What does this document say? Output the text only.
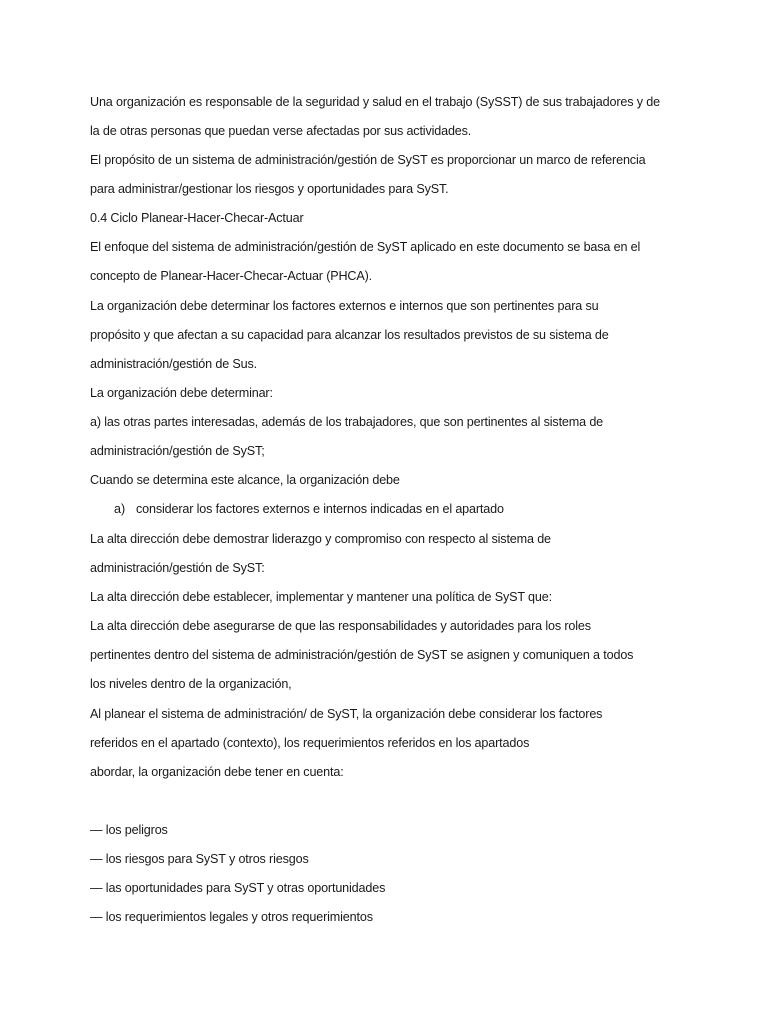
Una organización es responsable de la seguridad y salud en el trabajo (SySST) de sus trabajadores y de
la de otras personas que puedan verse afectadas por sus actividades.
El propósito de un sistema de administración/gestión de SyST es proporcionar un marco de referencia
para administrar/gestionar los riesgos y oportunidades para SyST.
0.4 Ciclo Planear-Hacer-Checar-Actuar
El enfoque del sistema de administración/gestión de SyST aplicado en este documento se basa en el
concepto de Planear-Hacer-Checar-Actuar (PHCA).
La organización debe determinar los factores externos e internos que son pertinentes para su
propósito y que afectan a su capacidad para alcanzar los resultados previstos de su sistema de
administración/gestión de Sus.
La organización debe determinar:
a) las otras partes interesadas, además de los trabajadores, que son pertinentes al sistema de
administración/gestión de SyST;
Cuando se determina este alcance, la organización debe
a) considerar los factores externos e internos indicadas en el apartado
La alta dirección debe demostrar liderazgo y compromiso con respecto al sistema de
administración/gestión de SyST:
La alta dirección debe establecer, implementar y mantener una política de SyST que:
La alta dirección debe asegurarse de que las responsabilidades y autoridades para los roles
pertinentes dentro del sistema de administración/gestión de SyST se asignen y comuniquen a todos
los niveles dentro de la organización,
Al planear el sistema de administración/ de SyST, la organización debe considerar los factores
referidos en el apartado (contexto), los requerimientos referidos en los apartados
abordar, la organización debe tener en cuenta:
— los peligros
— los riesgos para SyST y otros riesgos
— las oportunidades para SyST y otras oportunidades
— los requerimientos legales y otros requerimientos
